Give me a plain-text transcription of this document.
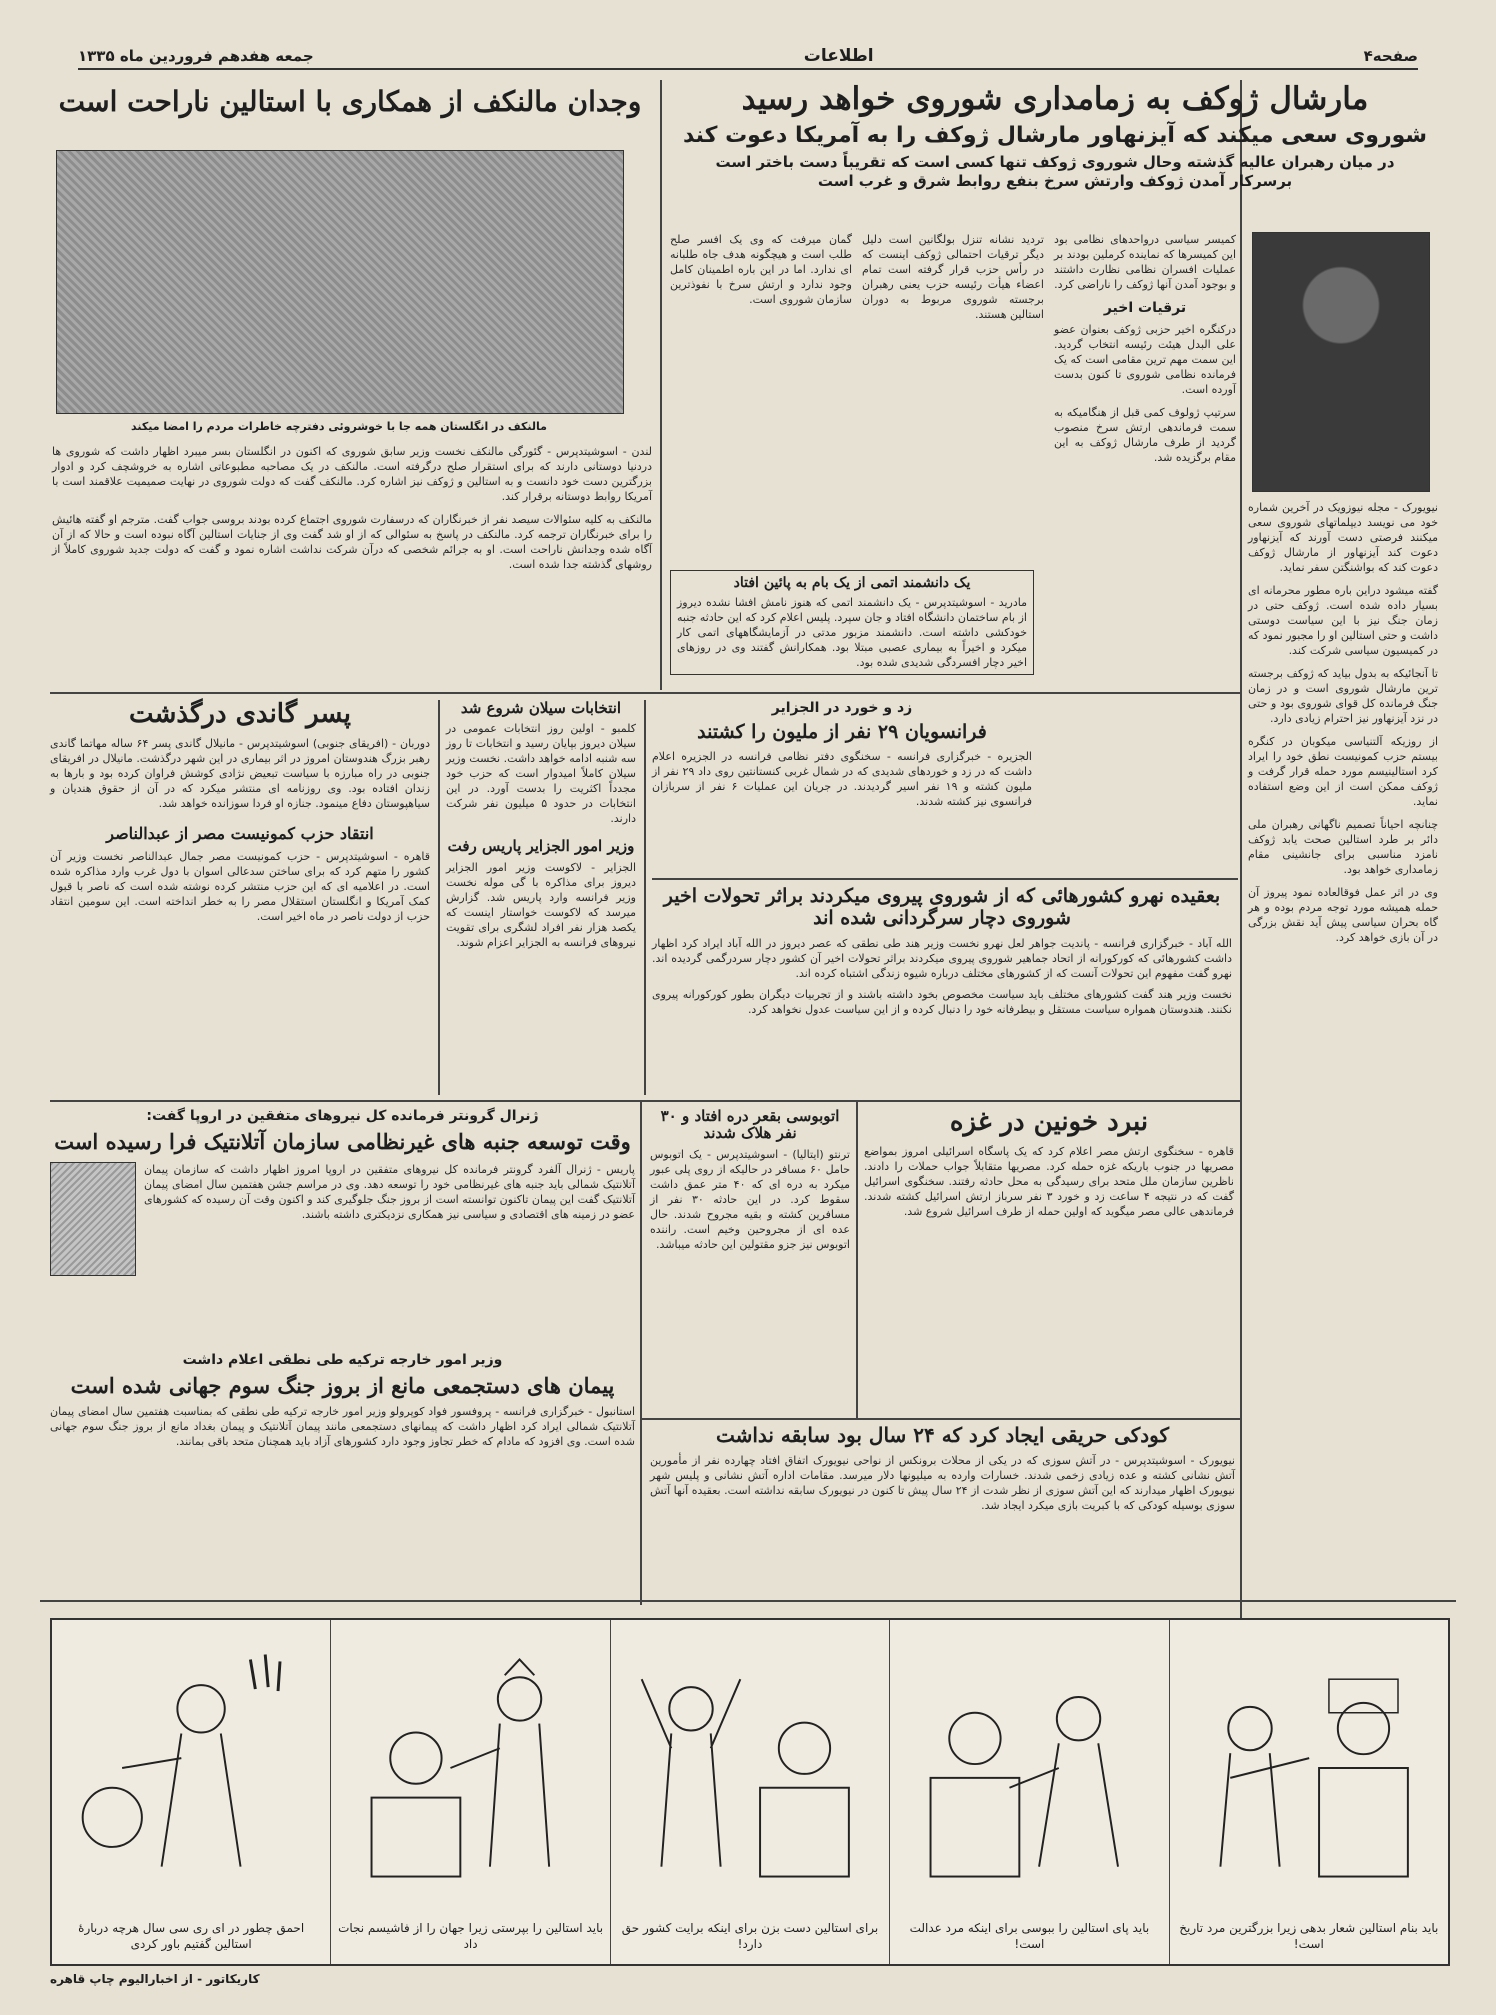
صفحه۴
اطلاعات
جمعه هفدهم فروردین ماه ۱۳۳۵
مارشال ژوکف به زمامداری شوروی خواهد رسید
شوروی سعی میکند که آیزنهاور مارشال ژوکف را به آمریکا دعوت کند
در میان رهبران عالیه گذشته وحال شوروی ژوکف تنها کسی است که تقریباً دست باختر است
برسرکار آمدن ژوکف وارتش سرخ بنفع روابط شرق و غرب است

نیویورک - مجله نیوزویک در آخرین شماره خود می نویسد دیپلماتهای شوروی سعی میکنند فرصتی دست آورند که آیزنهاور دعوت کند آیزنهاور از مارشال ژوکف دعوت کند که بواشنگتن سفر نماید.

گفته میشود دراین باره مطور محرمانه ای بسیار داده شده است. ژوکف حتی در زمان جنگ نیز با این سیاست دوستی داشت و حتی استالین او را مجبور نمود که در کمیسیون سیاسی شرکت کند.

تا آنجائیکه به بدول بیاید که ژوکف برجسته ترین مارشال شوروی است و در زمان جنگ فرمانده کل قوای شوروی بود و حتی در نزد آیزنهاور نیز احترام زیادی دارد.

از روزیکه آلتنیاسی میکوبان در کنگره بیستم حزب کمونیست نطق خود را ایراد کرد استالینیسم مورد حمله قرار گرفت و ژوکف ممکن است از این وضع استفاده نماید.

چنانچه احیاناً تصمیم ناگهانی رهبران ملی دائر بر طرد استالین صحت یابد ژوکف نامزد مناسبی برای جانشینی مقام زمامداری خواهد بود.

وی در اثر عمل فوقالعاده نمود پیروز آن حمله همیشه مورد توجه مردم بوده و هر گاه بحران سیاسی پیش آید نقش بزرگی در آن بازی خواهد کرد.

کمیسر سیاسی درواحدهای نظامی بود این کمیسرها که نماینده کرملین بودند بر عملیات افسران نظامی نظارت داشتند و بوجود آمدن آنها ژوکف را ناراضی کرد.

ترقیات اخیر

درکنگره اخیر حزبی ژوکف بعنوان عضو علی البدل هیئت رئیسه انتخاب گردید. این سمت مهم ترین مقامی است که یک فرمانده نظامی شوروی تا کنون بدست آورده است.

سرتیپ ژولوف کمی قبل از هنگامیکه به سمت فرماندهی ارتش سرخ منصوب گردید از طرف مارشال ژوکف به این مقام برگزیده شد.

تردید نشانه تنزل بولگانین است دلیل دیگر ترقیات احتمالی ژوکف اینست که در رأس حزب قرار گرفته است تمام اعضاء هیأت رئیسه حزب یعنی رهبران برجسته شوروی مربوط به دوران استالین هستند.

گمان میرفت که وی یک افسر صلح طلب است و هیچگونه هدف جاه طلبانه ای ندارد. اما در این باره اطمینان کامل وجود ندارد و ارتش سرخ با نفوذترین سازمان شوروی است.

یک دانشمند اتمی از یک بام به پائین افتاد

مادرید - اسوشیتدپرس - یک دانشمند اتمی که هنوز نامش افشا نشده دیروز از بام ساختمان دانشگاه افتاد و جان سپرد. پلیس اعلام کرد که این حادثه جنبه خودکشی داشته است. دانشمند مزبور مدتی در آزمایشگاههای اتمی کار میکرد و اخیراً به بیماری عصبی مبتلا بود. همکارانش گفتند وی در روزهای اخیر دچار افسردگی شدیدی شده بود.

وجدان مالنکف از همکاری با استالین ناراحت است
مالنکف در انگلستان همه جا با خوشروئی دفترچه خاطرات مردم را امضا میکند

لندن - اسوشیتدپرس - گئورگی مالنکف نخست وزیر سابق شوروی که اکنون در انگلستان بسر میبرد اظهار داشت که شوروی ها دردنیا دوستانی دارند که برای استقرار صلح درگرفته است. مالنکف در یک مصاحبه مطبوعاتی اشاره به خروشچف کرد و ادوار بزرگترین دست خود دانست و به استالین و ژوکف نیز اشاره کرد. مالنکف گفت که دولت شوروی در نهایت صمیمیت علاقمند است با آمریکا روابط دوستانه برقرار کند.

مالنکف به کلیه سئوالات سیصد نفر از خبرنگاران که درسفارت شوروی اجتماع کرده بودند بروسی جواب گفت. مترجم او گفته هائیش را برای خبرنگاران ترجمه کرد. مالنکف در پاسخ به سئوالی که از او شد گفت وی از جنایات استالین آگاه نبوده است و حالا که از آن آگاه شده وجدانش ناراحت است. او به جرائم شخصی که درآن شرکت نداشت اشاره نمود و گفت که دولت جدید شوروی کاملاً از روشهای گذشته جدا شده است.

پسر گاندی درگذشت

دوربان - (افریقای جنوبی) اسوشیتدپرس - مانیلال گاندی پسر ۶۴ ساله مهاتما گاندی رهبر بزرگ هندوستان امروز در اثر بیماری در این شهر درگذشت. مانیلال در افریقای جنوبی در راه مبارزه با سیاست تبعیض نژادی کوشش فراوان کرده بود و بارها به زندان افتاده بود. وی روزنامه ای منتشر میکرد که در آن از حقوق هندیان و سیاهپوستان دفاع مینمود. جنازه او فردا سوزانده خواهد شد.

انتقاد حزب کمونیست مصر از عبدالناصر

قاهره - اسوشیتدپرس - حزب کمونیست مصر جمال عبدالناصر نخست وزیر آن کشور را متهم کرد که برای ساختن سدعالی اسوان با دول غرب وارد مذاکره شده است. در اعلامیه ای که این حزب منتشر کرده نوشته شده است که ناصر با قبول کمک آمریکا و انگلستان استقلال مصر را به خطر انداخته است. این سومین انتقاد حزب از دولت ناصر در ماه اخیر است.

انتخابات سیلان شروع شد

کلمبو - اولین روز انتخابات عمومی در سیلان دیروز بپایان رسید و انتخابات تا روز سه شنبه ادامه خواهد داشت. نخست وزیر سیلان کاملاً امیدوار است که حزب خود مجدداً اکثریت را بدست آورد. در این انتخابات در حدود ۵ میلیون نفر شرکت دارند.

وزیر امور الجزایر پاریس رفت

الجزایر - لاکوست وزیر امور الجزایر دیروز برای مذاکره با گی موله نخست وزیر فرانسه وارد پاریس شد. گزارش میرسد که لاکوست خواستار اینست که یکصد هزار نفر افراد لشگری برای تقویت نیروهای فرانسه به الجزایر اعزام شوند.

زد و خورد در الجزایر
فرانسویان ۲۹ نفر از ملیون را کشتند

الجزیره - خبرگزاری فرانسه - سخنگوی دفتر نظامی فرانسه در الجزیره اعلام داشت که در زد و خوردهای شدیدی که در شمال غربی کنستانتین روی داد ۲۹ نفر از ملیون کشته و ۱۹ نفر اسیر گردیدند. در جریان این عملیات ۶ نفر از سربازان فرانسوی نیز کشته شدند.

بعقیده نهرو کشورهائی که از شوروی پیروی میکردند براثر تحولات اخیر شوروی دچار سرگردانی شده اند

الله آباد - خبرگزاری فرانسه - پاندیت جواهر لعل نهرو نخست وزیر هند طی نطقی که عصر دیروز در الله آباد ایراد کرد اظهار داشت کشورهائی که کورکورانه از اتحاد جماهیر شوروی پیروی میکردند براثر تحولات اخیر آن کشور دچار سردرگمی گردیده اند. نهرو گفت مفهوم این تحولات آنست که از کشورهای مختلف درباره شیوه زندگی اشتباه کرده اند.

نخست وزیر هند گفت کشورهای مختلف باید سیاست مخصوص بخود داشته باشند و از تجربیات دیگران بطور کورکورانه پیروی نکنند. هندوستان همواره سیاست مستقل و بیطرفانه خود را دنبال کرده و از این سیاست عدول نخواهد کرد.

ژنرال گرونتر فرمانده کل نیروهای متفقین در اروپا گفت:
وقت توسعه جنبه های غیرنظامی سازمان آتلانتیک فرا رسیده است

پاریس - ژنرال آلفرد گرونتر فرمانده کل نیروهای متفقین در اروپا امروز اظهار داشت که سازمان پیمان آتلانتیک شمالی باید جنبه های غیرنظامی خود را توسعه دهد. وی در مراسم جشن هفتمین سال امضای پیمان آتلانتیک گفت این پیمان تاکنون توانسته است از بروز جنگ جلوگیری کند و اکنون وقت آن رسیده که کشورهای عضو در زمینه های اقتصادی و سیاسی نیز همکاری نزدیکتری داشته باشند.

وزیر امور خارجه ترکیه طی نطقی اعلام داشت
پیمان های دستجمعی مانع از بروز جنگ سوم جهانی شده است

استانبول - خبرگزاری فرانسه - پروفسور فواد کوپرولو وزیر امور خارجه ترکیه طی نطقی که بمناسبت هفتمین سال امضای پیمان آتلانتیک شمالی ایراد کرد اظهار داشت که پیمانهای دستجمعی مانند پیمان آتلانتیک و پیمان بغداد مانع از بروز جنگ سوم جهانی شده است. وی افزود که مادام که خطر تجاوز وجود دارد کشورهای آزاد باید همچنان متحد باقی بمانند.

اتوبوسی بقعر دره افتاد و ۳۰ نفر هلاک شدند

ترنتو (ایتالیا) - اسوشیتدپرس - یک اتوبوس حامل ۶۰ مسافر در حالیکه از روی پلی عبور میکرد به دره ای که ۴۰ متر عمق داشت سقوط کرد. در این حادثه ۳۰ نفر از مسافرین کشته و بقیه مجروح شدند. حال عده ای از مجروحین وخیم است. راننده اتوبوس نیز جزو مقتولین این حادثه میباشد.

نبرد خونین در غزه

قاهره - سخنگوی ارتش مصر اعلام کرد که یک پاسگاه اسرائیلی امروز بمواضع مصریها در جنوب باریکه غزه حمله کرد. مصریها متقابلاً جواب حملات را دادند. ناظرین سازمان ملل متحد برای رسیدگی به محل حادثه رفتند. سخنگوی اسرائیل گفت که در نتیجه ۴ ساعت زد و خورد ۳ نفر سرباز ارتش اسرائیل کشته شدند. فرماندهی عالی مصر میگوید که اولین حمله از طرف اسرائیل شروع شد.

کودکی حریقی ایجاد کرد که ۲۴ سال بود سابقه نداشت

نیویورک - اسوشیتدپرس - در آتش سوزی که در یکی از محلات برونکس از نواحی نیویورک اتفاق افتاد چهارده نفر از مأمورین آتش نشانی کشته و عده زیادی زخمی شدند. خسارات وارده به میلیونها دلار میرسد. مقامات اداره آتش نشانی و پلیس شهر نیویورک اظهار میدارند که این آتش سوزی از نظر شدت از ۲۴ سال پیش تا کنون در نیویورک سابقه نداشته است. بعقیده آنها آتش سوزی بوسیله کودکی که با کبریت بازی میکرد ایجاد شد.

باید بنام استالین شعار بدهی زیرا بزرگترین مرد تاریخ است!
باید پای استالین را ببوسی برای اینکه مرد عدالت است!
برای استالین دست بزن برای اینکه برایت کشور حق دارد!
باید استالین را بپرستی زیرا جهان را از فاشیسم نجات داد
احمق چطور در ای ری سی سال هرچه دربارهٔ استالین گفتیم باور کردی
کاریکاتور - از اخبارالیوم چاپ قاهره
